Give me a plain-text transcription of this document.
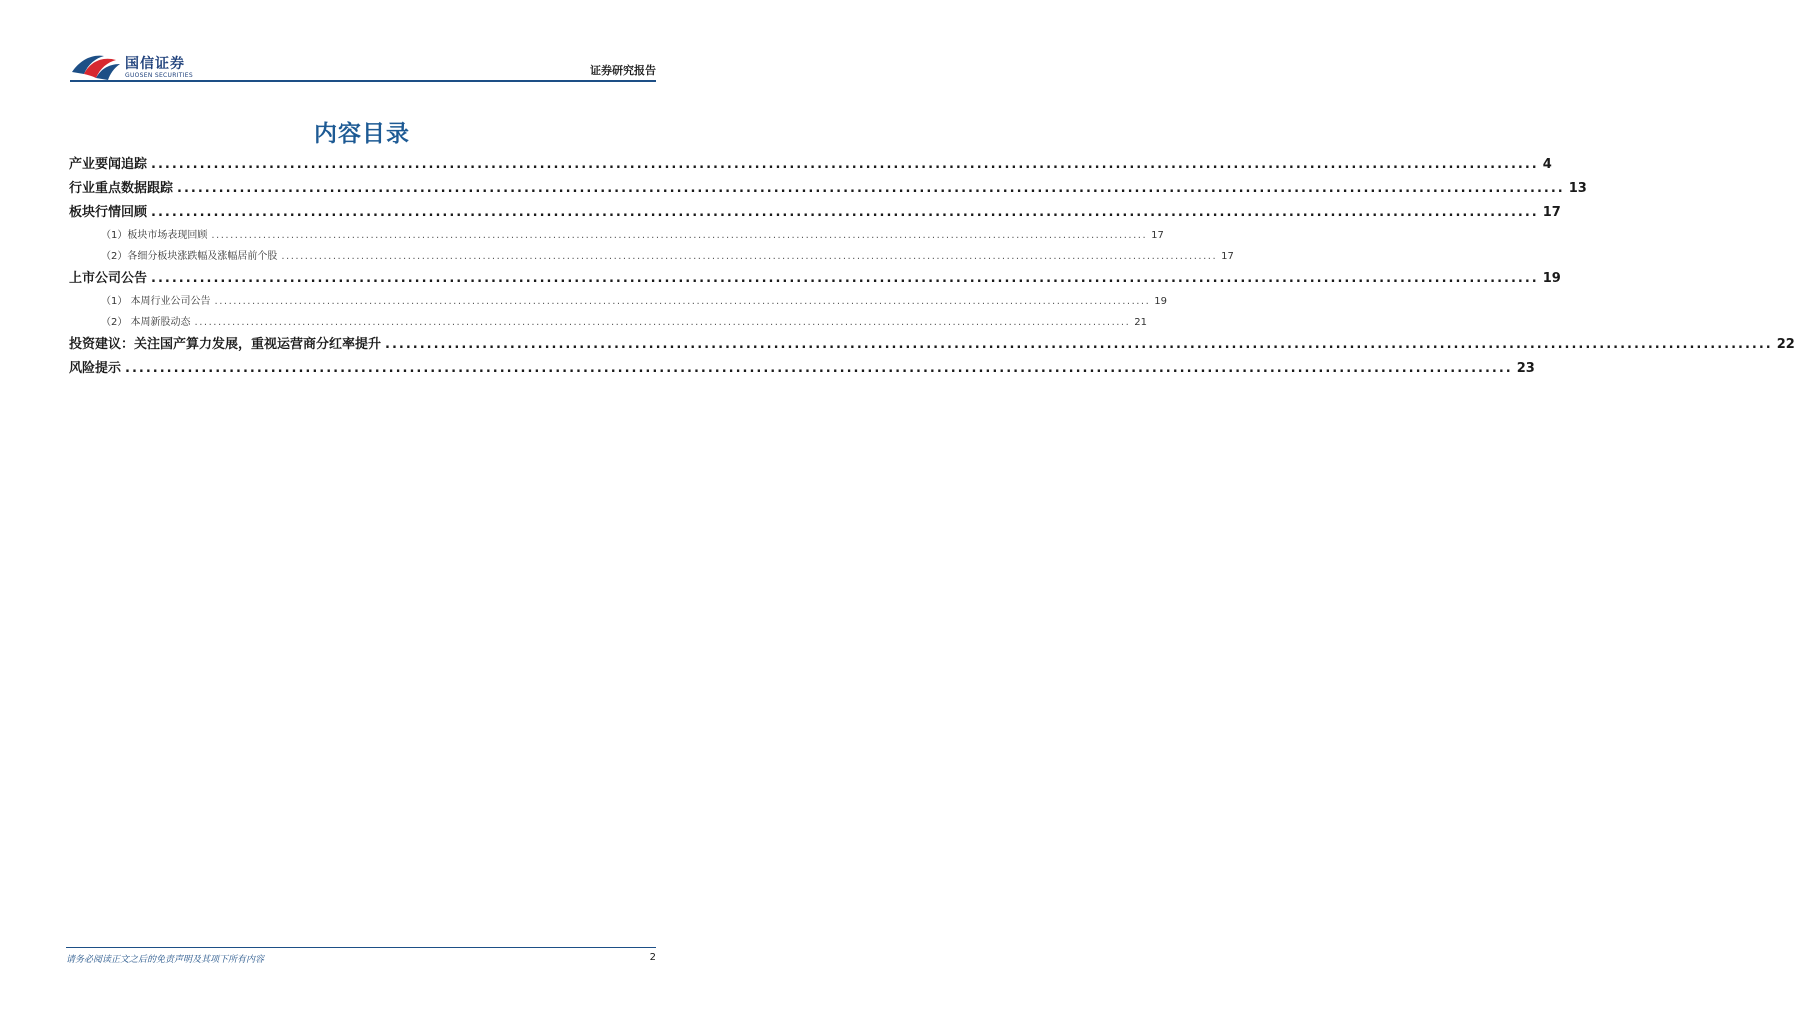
国信证券
GUOSEN SECURITIES	证券研究报告
内容目录
产业要闻追踪 ........................................................................................................................................................................................................ 4
行业重点数据跟踪 ........................................................................................................................................................................................................ 13
板块行情回顾 ........................................................................................................................................................................................................ 17
（1）板块市场表现回顾 ........................................................................................................................................................................................................ 17
（2）各细分板块涨跌幅及涨幅居前个股 ........................................................................................................................................................................................................ 17
上市公司公告 ........................................................................................................................................................................................................ 19
（1） 本周行业公司公告 ........................................................................................................................................................................................................ 19
（2） 本周新股动态 ........................................................................................................................................................................................................ 21
投资建议：关注国产算力发展，重视运营商分红率提升 ........................................................................................................................................................................................................ 22
风险提示 ........................................................................................................................................................................................................ 23
请务必阅读正文之后的免责声明及其项下所有内容	2
